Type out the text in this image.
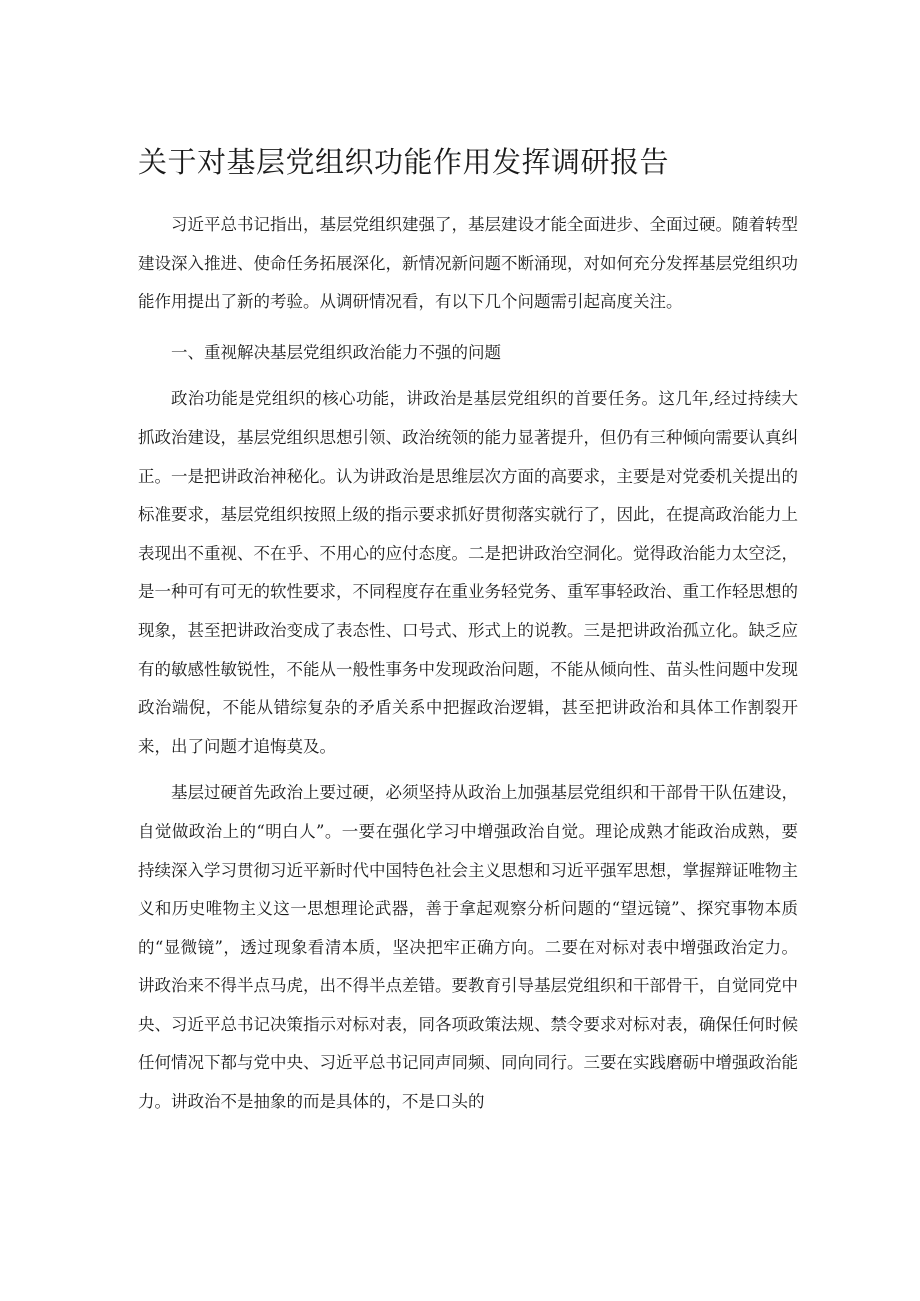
关于对基层党组织功能作用发挥调研报告

习近平总书记指出，基层党组织建强了，基层建设才能全面进步、全面过硬。随着转型建设深入推进、使命任务拓展深化，新情况新问题不断涌现，对如何充分发挥基层党组织功能作用提出了新的考验。从调研情况看，有以下几个问题需引起高度关注。

一、重视解决基层党组织政治能力不强的问题

政治功能是党组织的核心功能，讲政治是基层党组织的首要任务。这几年,经过持续大抓政治建设，基层党组织思想引领、政治统领的能力显著提升，但仍有三种倾向需要认真纠正。一是把讲政治神秘化。认为讲政治是思维层次方面的高要求，主要是对党委机关提出的标准要求，基层党组织按照上级的指示要求抓好贯彻落实就行了，因此，在提高政治能力上表现出不重视、不在乎、不用心的应付态度。二是把讲政治空洞化。觉得政治能力太空泛，是一种可有可无的软性要求，不同程度存在重业务轻党务、重军事轻政治、重工作轻思想的现象，甚至把讲政治变成了表态性、口号式、形式上的说教。三是把讲政治孤立化。缺乏应有的敏感性敏锐性，不能从一般性事务中发现政治问题，不能从倾向性、苗头性问题中发现政治端倪，不能从错综复杂的矛盾关系中把握政治逻辑，甚至把讲政治和具体工作割裂开来，出了问题才追悔莫及。

基层过硬首先政治上要过硬，必须坚持从政治上加强基层党组织和干部骨干队伍建设，自觉做政治上的“明白人”。一要在强化学习中增强政治自觉。理论成熟才能政治成熟，要持续深入学习贯彻习近平新时代中国特色社会主义思想和习近平强军思想，掌握辩证唯物主义和历史唯物主义这一思想理论武器，善于拿起观察分析问题的“望远镜”、探究事物本质的“显微镜”，透过现象看清本质，坚决把牢正确方向。二要在对标对表中增强政治定力。讲政治来不得半点马虎，出不得半点差错。要教育引导基层党组织和干部骨干，自觉同党中央、习近平总书记决策指示对标对表，同各项政策法规、禁令要求对标对表，确保任何时候任何情况下都与党中央、习近平总书记同声同频、同向同行。三要在实践磨砺中增强政治能力。讲政治不是抽象的而是具体的，不是口头的
